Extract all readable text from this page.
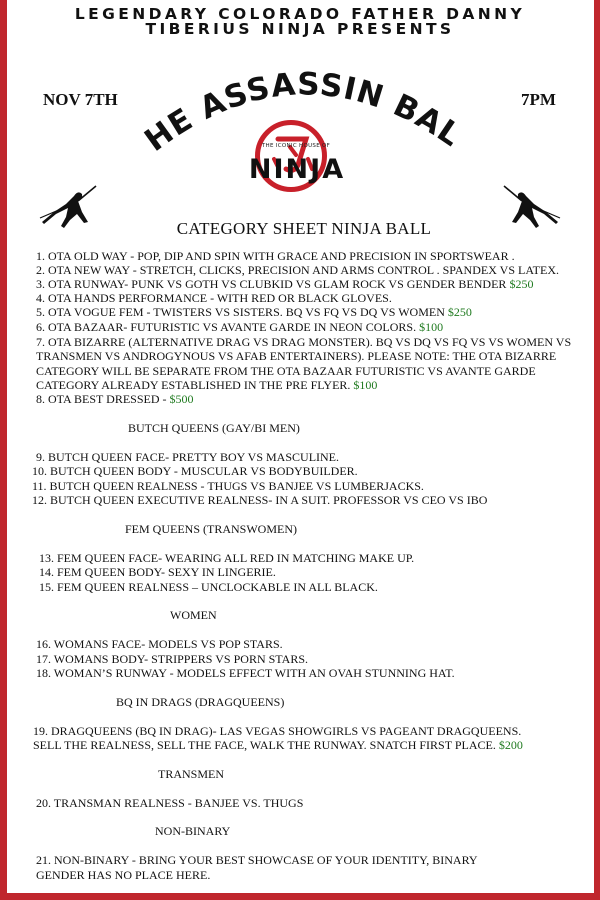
LEGENDARY COLORADO FATHER DANNY
TIBERIUS NINJA PRESENTS
NOV 7TH	7PM
THE ASSASSIN BALL
THE ICONIC HOUSE OF
NINJA
CATEGORY SHEET NINJA BALL
1. OTA OLD WAY - POP, DIP AND SPIN WITH GRACE AND PRECISION IN SPORTSWEAR .
2. OTA NEW WAY - STRETCH, CLICKS, PRECISION AND ARMS CONTROL . SPANDEX VS LATEX.
3. OTA RUNWAY- PUNK VS GOTH VS CLUBKID VS GLAM ROCK VS GENDER BENDER $250
4. OTA HANDS PERFORMANCE - WITH RED OR BLACK GLOVES.
5. OTA VOGUE FEM - TWISTERS VS SISTERS. BQ VS FQ VS DQ VS WOMEN $250
6. OTA BAZAAR- FUTURISTIC VS AVANTE GARDE IN NEON COLORS. $100
7. OTA BIZARRE (ALTERNATIVE DRAG VS DRAG MONSTER). BQ VS DQ VS FQ VS VS WOMEN VS
TRANSMEN VS ANDROGYNOUS VS AFAB ENTERTAINERS). PLEASE NOTE: THE OTA BIZARRE
CATEGORY WILL BE SEPARATE FROM THE OTA BAZAAR FUTURISTIC VS AVANTE GARDE
CATEGORY ALREADY ESTABLISHED IN THE PRE FLYER. $100
8. OTA BEST DRESSED - $500
BUTCH QUEENS (GAY/BI MEN)
9. BUTCH QUEEN FACE- PRETTY BOY VS MASCULINE.
10. BUTCH QUEEN BODY - MUSCULAR VS BODYBUILDER.
11. BUTCH QUEEN REALNESS - THUGS VS BANJEE VS LUMBERJACKS.
12. BUTCH QUEEN EXECUTIVE REALNESS- IN A SUIT. PROFESSOR VS CEO VS IBO
FEM QUEENS (TRANSWOMEN)
13. FEM QUEEN FACE- WEARING ALL RED IN MATCHING MAKE UP.
14. FEM QUEEN BODY- SEXY IN LINGERIE.
15. FEM QUEEN REALNESS – UNCLOCKABLE IN ALL BLACK.
WOMEN
16. WOMANS FACE- MODELS VS POP STARS.
17. WOMANS BODY- STRIPPERS VS PORN STARS.
18. WOMAN’S RUNWAY - MODELS EFFECT WITH AN OVAH STUNNING HAT.
BQ IN DRAGS (DRAGQUEENS)
19. DRAGQUEENS (BQ IN DRAG)- LAS VEGAS SHOWGIRLS VS PAGEANT DRAGQUEENS.
SELL THE REALNESS, SELL THE FACE, WALK THE RUNWAY. SNATCH FIRST PLACE. $200
TRANSMEN
20. TRANSMAN REALNESS - BANJEE VS. THUGS
NON-BINARY
21. NON-BINARY - BRING YOUR BEST SHOWCASE OF YOUR IDENTITY, BINARY
GENDER HAS NO PLACE HERE.
